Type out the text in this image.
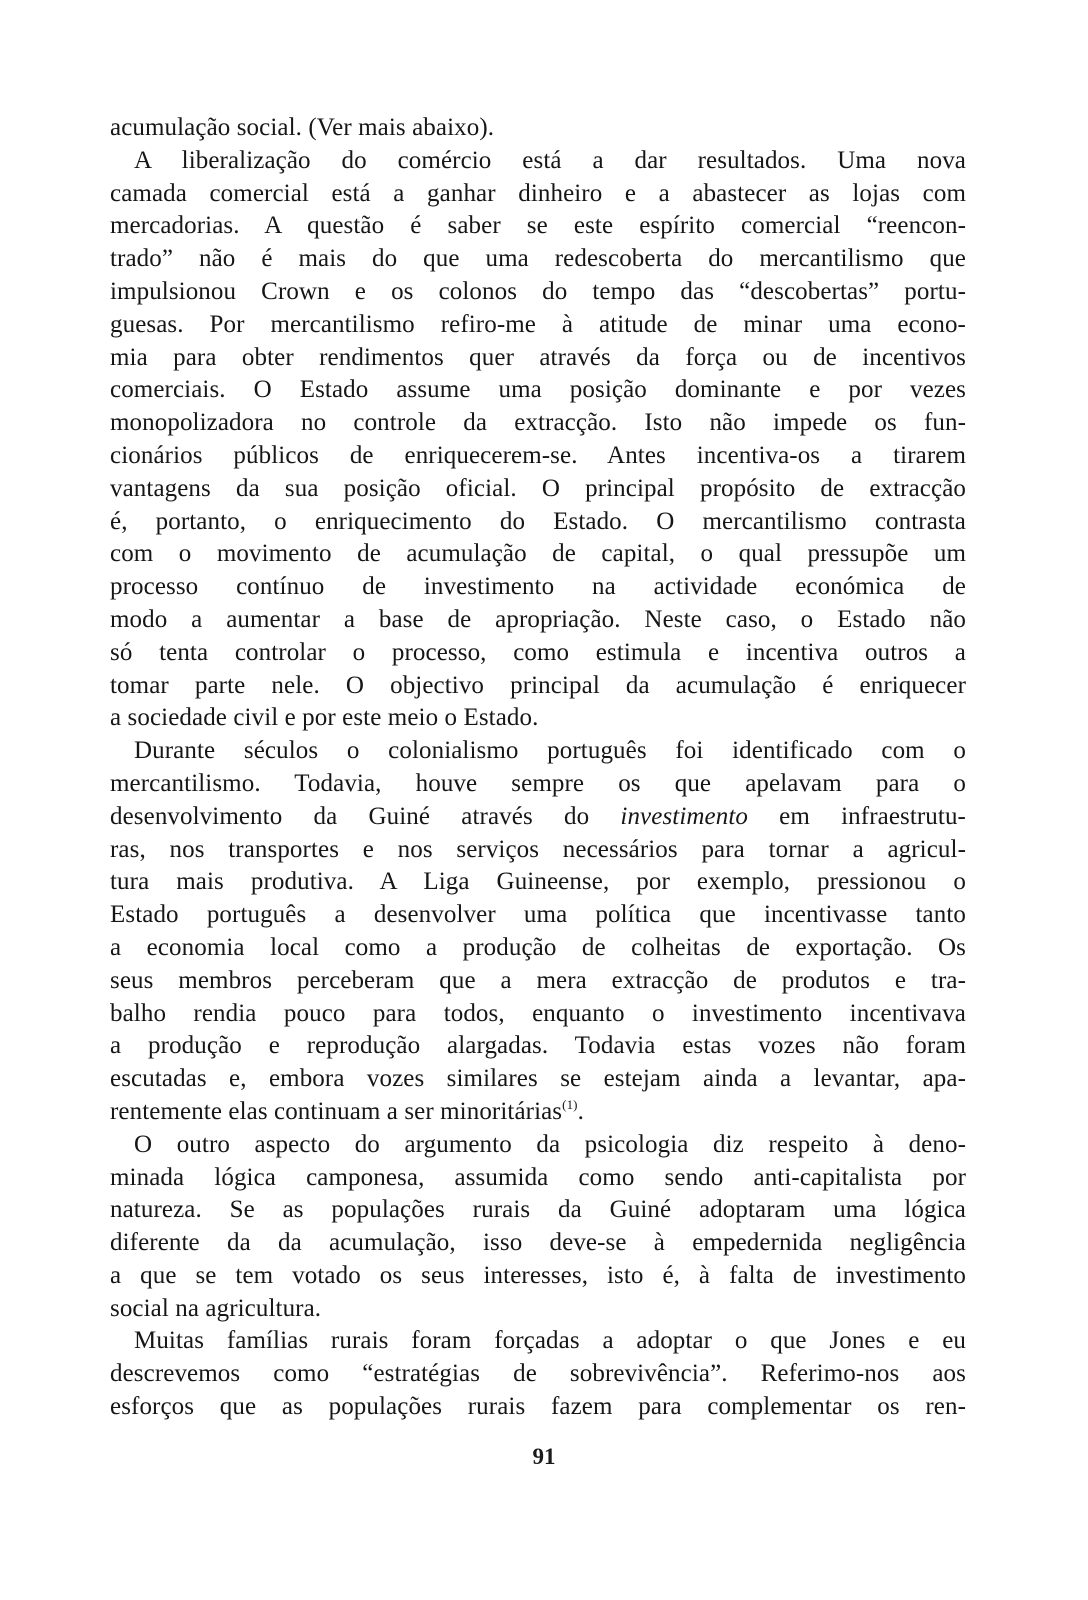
acumulação social. (Ver mais abaixo).
A liberalização do comércio está a dar resultados. Uma nova
camada comercial está a ganhar dinheiro e a abastecer as lojas com
mercadorias. A questão é saber se este espírito comercial “reencon-
trado” não é mais do que uma redescoberta do mercantilismo que
impulsionou Crown e os colonos do tempo das “descobertas” portu-
guesas. Por mercantilismo refiro-me à atitude de minar uma econo-
mia para obter rendimentos quer através da força ou de incentivos
comerciais. O Estado assume uma posição dominante e por vezes
monopolizadora no controle da extracção. Isto não impede os fun-
cionários públicos de enriquecerem-se. Antes incentiva-os a tirarem
vantagens da sua posição oficial. O principal propósito de extracção
é, portanto, o enriquecimento do Estado. O mercantilismo contrasta
com o movimento de acumulação de capital, o qual pressupõe um
processo contínuo de investimento na actividade económica de
modo a aumentar a base de apropriação. Neste caso, o Estado não
só tenta controlar o processo, como estimula e incentiva outros a
tomar parte nele. O objectivo principal da acumulação é enriquecer
a sociedade civil e por este meio o Estado.
Durante séculos o colonialismo português foi identificado com o
mercantilismo. Todavia, houve sempre os que apelavam para o
desenvolvimento da Guiné através do investimento em infraestrutu-
ras, nos transportes e nos serviços necessários para tornar a agricul-
tura mais produtiva. A Liga Guineense, por exemplo, pressionou o
Estado português a desenvolver uma política que incentivasse tanto
a economia local como a produção de colheitas de exportação. Os
seus membros perceberam que a mera extracção de produtos e tra-
balho rendia pouco para todos, enquanto o investimento incentivava
a produção e reprodução alargadas. Todavia estas vozes não foram
escutadas e, embora vozes similares se estejam ainda a levantar, apa-
rentemente elas continuam a ser minoritárias$^{(1)}$.
O outro aspecto do argumento da psicologia diz respeito à deno-
minada lógica camponesa, assumida como sendo anti-capitalista por
natureza. Se as populações rurais da Guiné adoptaram uma lógica
diferente da da acumulação, isso deve-se à empedernida negligência
a que se tem votado os seus interesses, isto é, à falta de investimento
social na agricultura.
Muitas famílias rurais foram forçadas a adoptar o que Jones e eu
descrevemos como “estratégias de sobrevivência”. Referimo-nos aos
esforços que as populações rurais fazem para complementar os ren-
91
